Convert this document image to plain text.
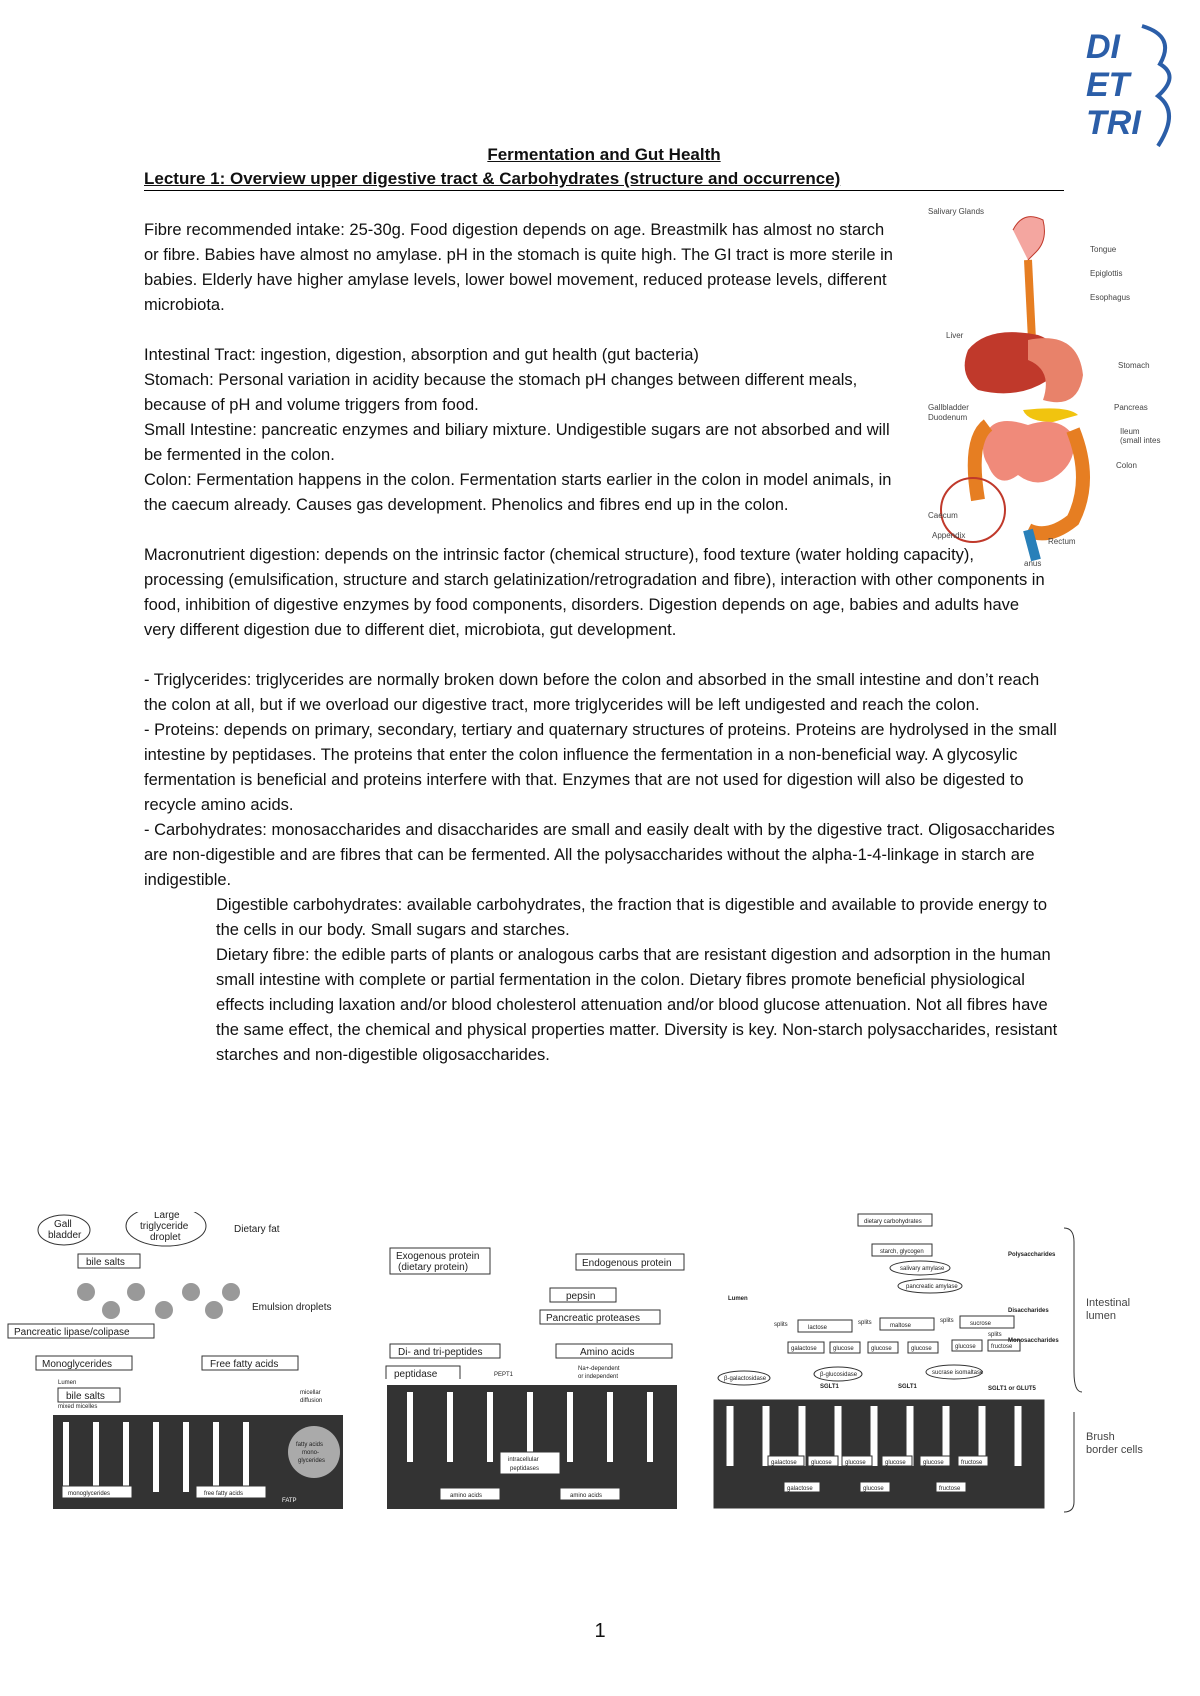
DI
ET
TRI

Fermentation and Gut Health

Lecture 1: Overview upper digestive tract & Carbohydrates (structure and occurrence)

Fibre recommended intake: 25-30g. Food digestion depends on age. Breastmilk has almost no starch or fibre. Babies have almost no amylase. pH in the stomach is quite high. The GI tract is more sterile in babies. Elderly have higher amylase levels, lower bowel movement, reduced protease levels, different microbiota.

Intestinal Tract: ingestion, digestion, absorption and gut health (gut bacteria)
Stomach: Personal variation in acidity because the stomach pH changes between different meals, because of pH and volume triggers from food.
Small Intestine: pancreatic enzymes and biliary mixture. Undigestible sugars are not absorbed and will be fermented in the colon.
Colon: Fermentation happens in the colon. Fermentation starts earlier in the colon in model animals, in the caecum already. Causes gas development. Phenolics and fibres end up in the colon.

Macronutrient digestion: depends on the intrinsic factor (chemical structure), food texture (water holding capacity), processing (emulsification, structure and starch gelatinization/retrogradation and fibre), interaction with other components in food, inhibition of digestive enzymes by food components, disorders. Digestion depends on age, babies and adults have very different digestion due to different diet, microbiota, gut development.

- Triglycerides: triglycerides are normally broken down before the colon and absorbed in the small intestine and don’t reach the colon at all, but if we overload our digestive tract, more triglycerides will be left undigested and reach the colon.
- Proteins: depends on primary, secondary, tertiary and quaternary structures of proteins. Proteins are hydrolysed in the small intestine by peptidases. The proteins that enter the colon influence the fermentation in a non-beneficial way. A glycosylic fermentation is beneficial and proteins interfere with that. Enzymes that are not used for digestion will also be digested to recycle amino acids.
- Carbohydrates: monosaccharides and disaccharides are small and easily dealt with by the digestive tract. Oligosaccharides are non-digestible and are fibres that can be fermented. All the polysaccharides without the alpha-1-4-linkage in starch are indigestible.

Digestible carbohydrates: available carbohydrates, the fraction that is digestible and available to provide energy to the cells in our body. Small sugars and starches.

Dietary fibre: the edible parts of plants or analogous carbs that are resistant digestion and adsorption in the human small intestine with complete or partial fermentation in the colon. Dietary fibres promote beneficial physiological effects including laxation and/or blood cholesterol attenuation and/or blood glucose attenuation. Not all fibres have the same effect, the chemical and physical properties matter. Diversity is key. Non-starch polysaccharides, resistant starches and non-digestible oligosaccharides.

Salivary Glands
Tongue
Epiglottis
Esophagus
Liver
Stomach
Gallbladder
Duodenum
Pancreas
Ileum
(small intes
Colon
Caecum
Appendix
Rectum
anus
Gall
bladder
Large
triglyceride
droplet
Dietary fat
bile salts
Emulsion droplets
Pancreatic lipase/colipase
Monoglycerides	Free fatty acids
Lumen
bile salts	micellar
diffusion
mixed micelles
fatty acids
mono-
glycerides
monoglycerides	free fatty acids
FATP
Exogenous protein
(dietary protein)	Endogenous protein
pepsin
Pancreatic proteases
Di- and tri-peptides	Amino acids
peptidase	PEPT1
Na+-dependent
or independent
intracellular
peptidases
amino acids	amino acids
dietary carbohydrates
starch, glycogen
salivary amylase
pancreatic amylase
Polysaccharides
Lumen
Disaccharides
Monosaccharides
lactose	maltose	sucrose
splits	splits	splits
splits
galactose	glucose	glucose	glucose	glucose	fructose
β-galactosidase
β-glucosidase	sucrase isomaltase
SGLT1	SGLT1	SGLT1 or GLUT5
galactose glucose glucose	glucose	glucose	fructose
galactose	glucose	fructose
Intestinal
lumen
Brush
border cells
1
